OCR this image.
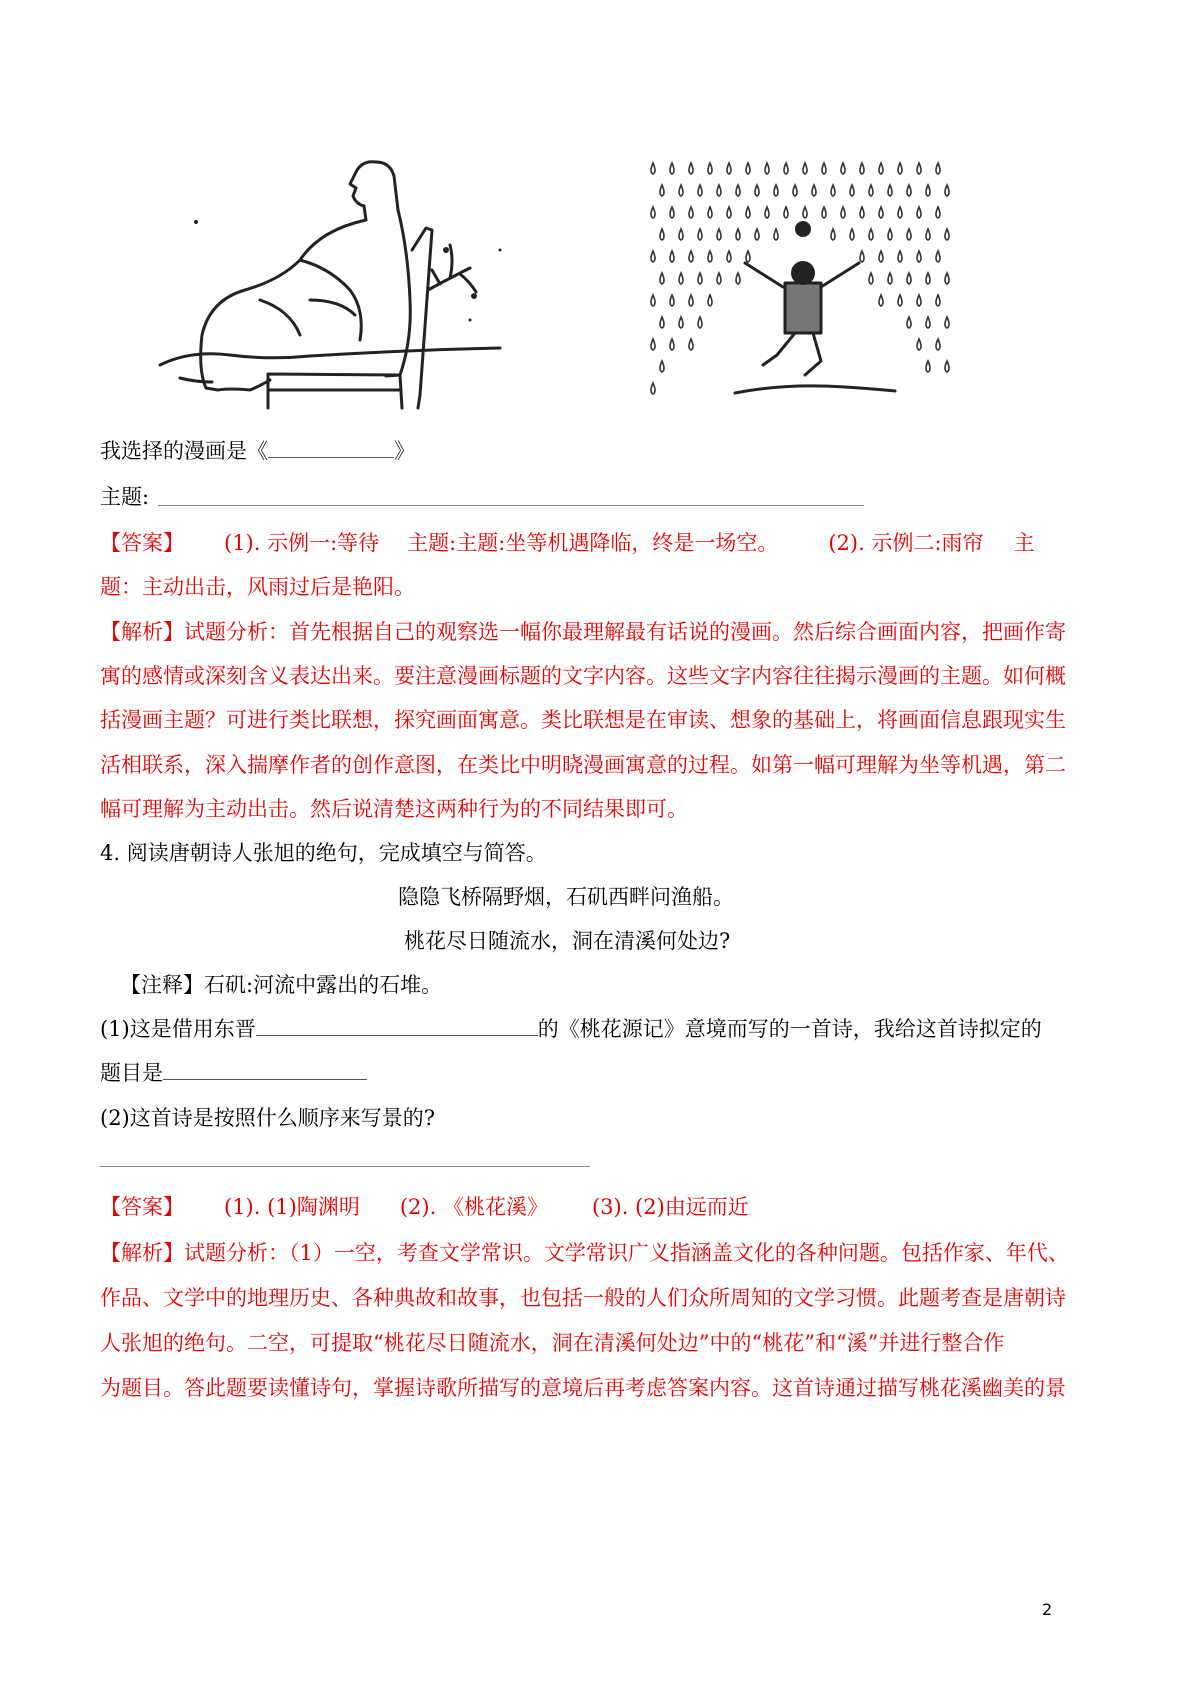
我选择的漫画是《	》
主题:
【答案】 (1). 示例一:等待 主题:主题:坐等机遇降临，终是一场空。 (2). 示例二:雨帘 主
题：主动出击，风雨过后是艳阳。
【解析】试题分析：首先根据自己的观察选一幅你最理解最有话说的漫画。然后综合画面内容，把画作寄
寓的感情或深刻含义表达出来。要注意漫画标题的文字内容。这些文字内容往往揭示漫画的主题。如何概
括漫画主题？可进行类比联想，探究画面寓意。类比联想是在审读、想象的基础上，将画面信息跟现实生
活相联系，深入揣摩作者的创作意图，在类比中明晓漫画寓意的过程。如第一幅可理解为坐等机遇，第二
幅可理解为主动出击。然后说清楚这两种行为的不同结果即可。
4. 阅读唐朝诗人张旭的绝句，完成填空与简答。
隐隐飞桥隔野烟，石矶西畔问渔船。
桃花尽日随流水，洞在清溪何处边?
【注释】石矶:河流中露出的石堆。
(1)这是借用东晋	的《桃花源记》意境而写的一首诗，我给这首诗拟定的
题目是
(2)这首诗是按照什么顺序来写景的?
【答案】 (1). (1)陶渊明 (2). 《桃花溪》 (3). (2)由远而近
【解析】试题分析：（1）一空，考查文学常识。文学常识广义指涵盖文化的各种问题。包括作家、年代、
作品、文学中的地理历史、各种典故和故事，也包括一般的人们众所周知的文学习惯。此题考查是唐朝诗
人张旭的绝句。二空，可提取“桃花尽日随流水，洞在清溪何处边”中的“桃花”和“溪”并进行整合作
为题目。答此题要读懂诗句，掌握诗歌所描写的意境后再考虑答案内容。这首诗通过描写桃花溪幽美的景
2
